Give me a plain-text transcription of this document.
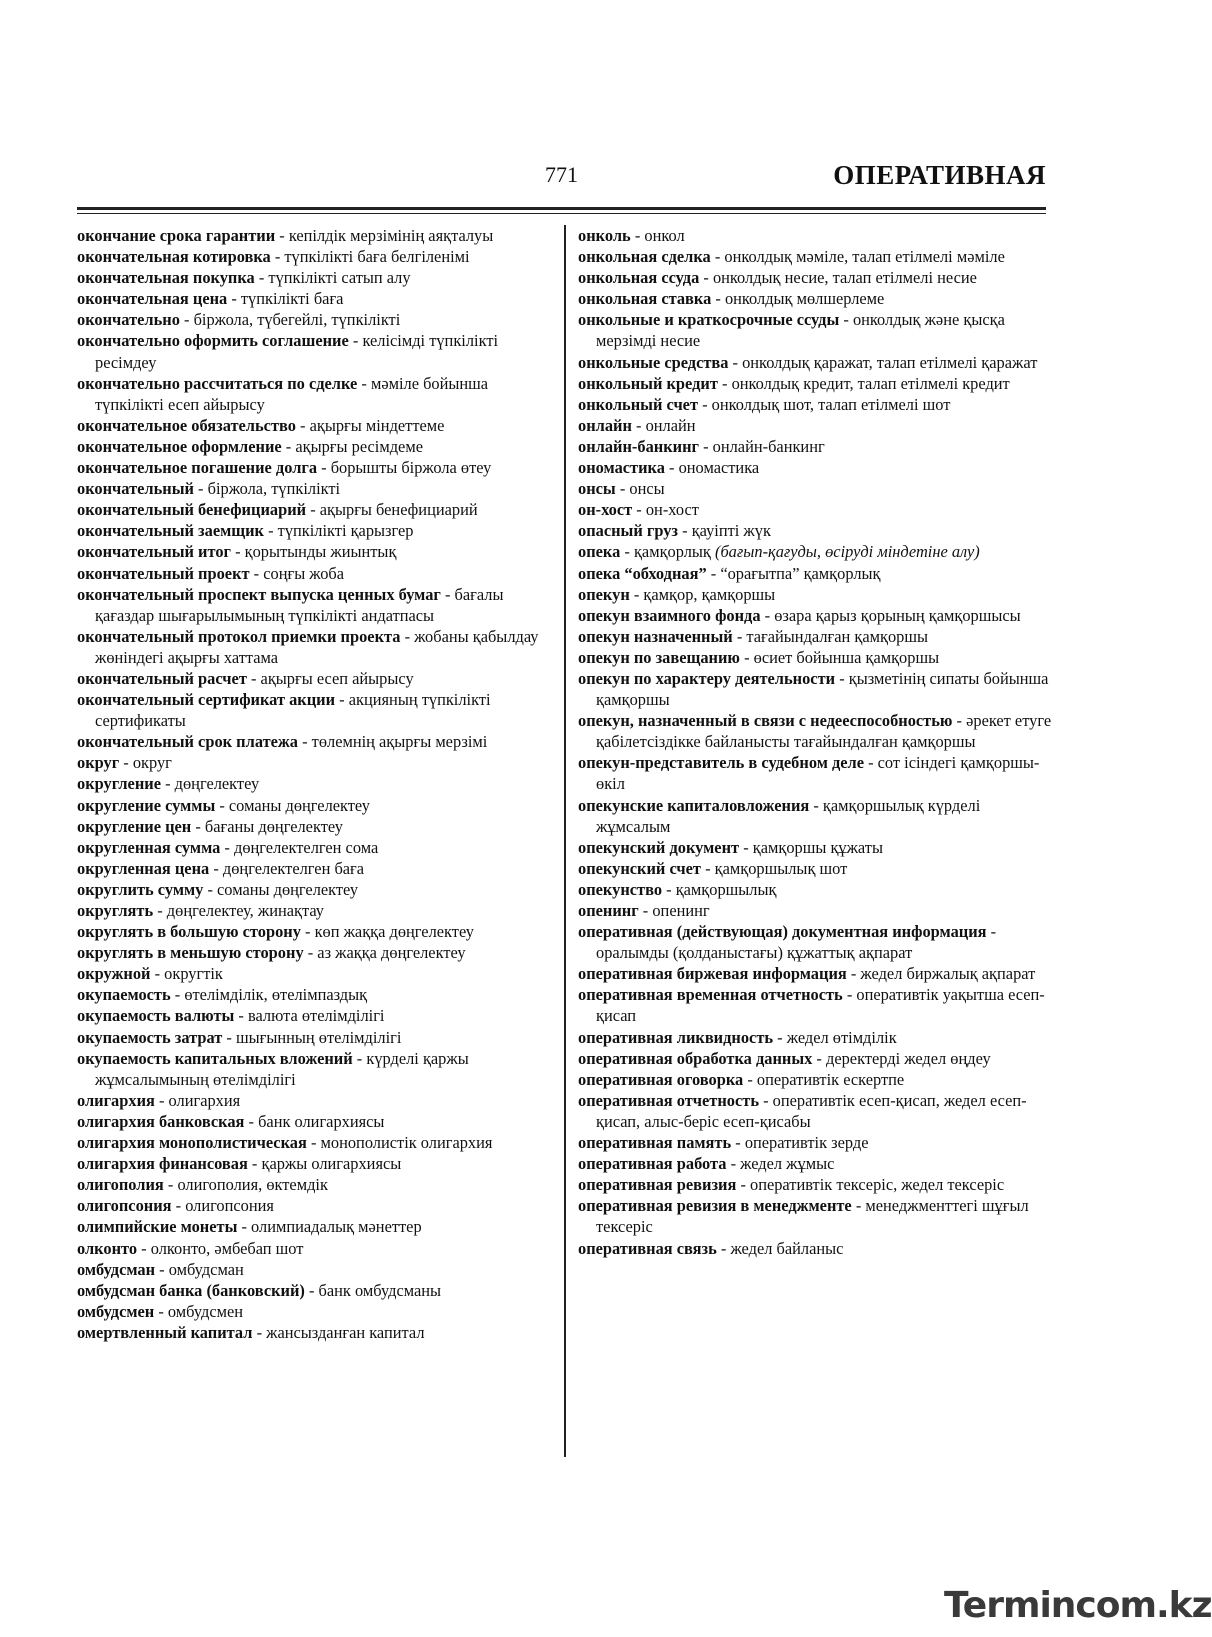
771	ОПЕРАТИВНАЯ

окончание срока гарантии - кепілдік мерзімінің аяқталуы

окончательная котировка - түпкілікті баға белгіленімі

окончательная покупка - түпкілікті сатып алу

окончательная цена - түпкілікті баға

окончательно - біржола, түбегейлі, түпкілікті

окончательно оформить соглашение - келісімді түпкілікті ресімдеу

окончательно рассчитаться по сделке - мәміле бойынша түпкілікті есеп айырысу

окончательное обязательство - ақырғы міндеттеме

окончательное оформление - ақырғы ресімдеме

окончательное погашение долга - борышты біржола өтеу

окончательный - біржола, түпкілікті

окончательный бенефициарий - ақырғы бенефициарий

окончательный заемщик - түпкілікті қарызгер

окончательный итог - қорытынды жиынтық

окончательный проект - соңғы жоба

окончательный проспект выпуска ценных бумаг - бағалы қағаздар шығарылымының түпкілікті андатпасы

окончательный протокол приемки проекта - жобаны қабылдау жөніндегі ақырғы хаттама

окончательный расчет - ақырғы есеп айырысу

окончательный сертификат акции - акцияның түпкілікті сертификаты

окончательный срок платежа - төлемнің ақырғы мерзімі

округ - округ

округление - дөңгелектеу

округление суммы - соманы дөңгелектеу

округление цен - бағаны дөңгелектеу

округленная сумма - дөңгелектелген сома

округленная цена - дөңгелектелген баға

округлить сумму - соманы дөңгелектеу

округлять - дөңгелектеу, жинақтау

округлять в большую сторону - көп жаққа дөңгелектеу

округлять в меньшую сторону - аз жаққа дөңгелектеу

окружной - округтік

окупаемость - өтелімділік, өтелімпаздық

окупаемость валюты - валюта өтелімділігі

окупаемость затрат - шығынның өтелімділігі

окупаемость капитальных вложений - күрделі қаржы жұмсалымының өтелімділігі

олигархия - олигархия

олигархия банковская - банк олигархиясы

олигархия монополистическая - монополистік олигархия

олигархия финансовая - қаржы олигархиясы

олигополия - олигополия, өктемдік

олигопсония - олигопсония

олимпийские монеты - олимпиадалық мәнеттер

олконто - олконто, әмбебап шот

омбудсман - омбудсман

омбудсман банка (банковский) - банк омбудсманы

омбудсмен - омбудсмен

омертвленный капитал - жансызданған капитал

онколь - онкол

онкольная сделка - онколдық мәміле, талап етілмелі мәміле

онкольная ссуда - онколдық несие, талап етілмелі несие

онкольная ставка - онколдық мөлшерлеме

онкольные и краткосрочные ссуды - онколдық және қысқа мерзімді несие

онкольные средства - онколдық қаражат, талап етілмелі қаражат

онкольный кредит - онколдық кредит, талап етілмелі кредит

онкольный счет - онколдық шот, талап етілмелі шот

онлайн - онлайн

онлайн-банкинг - онлайн-банкинг

ономастика - ономастика

онсы - онсы

он-хост - он-хост

опасный груз - қауіпті жүк

опека - қамқорлық (бағып-қағуды, өсіруді міндетіне алу)

опека “обходная” - “орағытпа” қамқорлық

опекун - қамқор, қамқоршы

опекун взаимного фонда - өзара қарыз қорының қамқоршысы

опекун назначенный - тағайындалған қамқоршы

опекун по завещанию - өсиет бойынша қамқоршы

опекун по характеру деятельности - қызметінің сипаты бойынша қамқоршы

опекун, назначенный в связи с недееспособностью - әрекет етуге қабілетсіздікке байланысты тағайындалған қамқоршы

опекун-представитель в судебном деле - сот ісіндегі қамқоршы-өкіл

опекунские капиталовложения - қамқоршылық күрделі жұмсалым

опекунский документ - қамқоршы құжаты

опекунский счет - қамқоршылық шот

опекунство - қамқоршылық

опенинг - опенинг

оперативная (действующая) документная информация - оралымды (қолданыстағы) құжаттық ақпарат

оперативная биржевая информация - жедел биржалық ақпарат

оперативная временная отчетность - оперативтік уақытша есеп-қисап

оперативная ликвидность - жедел өтімділік

оперативная обработка данных - деректерді жедел өңдеу

оперативная оговорка - оперативтік ескертпе

оперативная отчетность - оперативтік есеп-қисап, жедел есеп-қисап, алыс-беріс есеп-қисабы

оперативная память - оперативтік зерде

оперативная работа - жедел жұмыс

оперативная ревизия - оперативтік тексеріс, жедел тексеріс

оперативная ревизия в менеджменте - менеджменттегі шұғыл тексеріс

оперативная связь - жедел байланыс

Termincom.kz
